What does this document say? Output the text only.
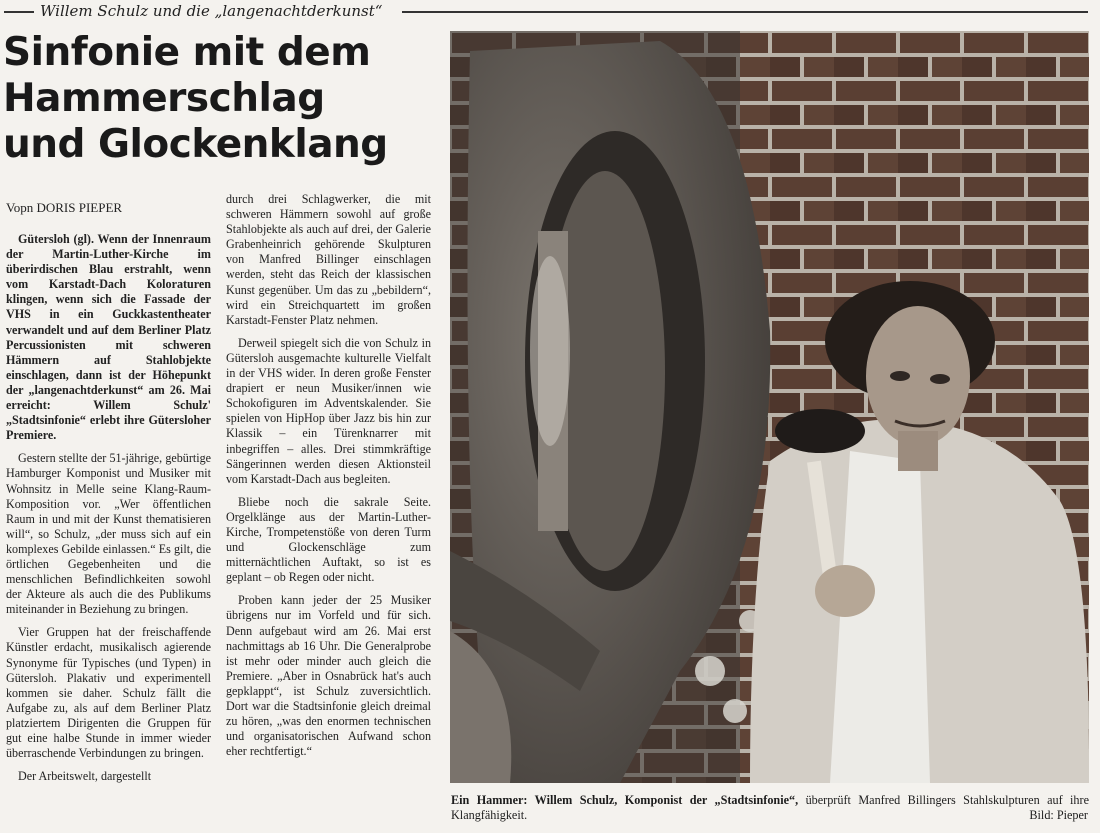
Willem Schulz und die „langenachtderkunst“
Sinfonie mit dem
Hammerschlag
und Glockenklang
Vopn DORIS PIEPER

Gütersloh (gl). Wenn der Innenraum der Martin-Luther-Kirche im überirdischen Blau erstrahlt, wenn vom Karstadt-Dach Koloraturen klingen, wenn sich die Fassade der VHS in ein Guckkastentheater verwandelt und auf dem Berliner Platz Percussionisten mit schweren Hämmern auf Stahlobjekte einschlagen, dann ist der Höhepunkt der „langenachtderkunst“ am 26. Mai erreicht: Willem Schulz' „Stadtsinfonie“ erlebt ihre Gütersloher Premiere.

Gestern stellte der 51-jährige, gebürtige Hamburger Komponist und Musiker mit Wohnsitz in Melle seine Klang-Raum-Komposition vor. „Wer öffentlichen Raum in und mit der Kunst thematisieren will“, so Schulz, „der muss sich auf ein komplexes Gebilde einlassen.“ Es gilt, die örtlichen Gegebenheiten und die menschlichen Befindlichkeiten sowohl der Akteure als auch die des Publikums miteinander in Beziehung zu bringen.

Vier Gruppen hat der freischaffende Künstler erdacht, musikalisch agierende Synonyme für Typisches (und Typen) in Gütersloh. Plakativ und experimentell kommen sie daher. Schulz fällt die Aufgabe zu, als auf dem Berliner Platz platziertem Dirigenten die Gruppen für gut eine halbe Stunde in immer wieder überraschende Verbindungen zu bringen.

Der Arbeitswelt, dargestellt

durch drei Schlagwerker, die mit schweren Hämmern sowohl auf große Stahlobjekte als auch auf drei, der Galerie Grabenheinrich gehörende Skulpturen von Manfred Billinger einschlagen werden, steht das Reich der klassischen Kunst gegenüber. Um das zu „bebildern“, wird ein Streichquartett im großen Karstadt-Fenster Platz nehmen.

Derweil spiegelt sich die von Schulz in Gütersloh ausgemachte kulturelle Vielfalt in der VHS wider. In deren große Fenster drapiert er neun Musiker/innen wie Schokofiguren im Adventskalender. Sie spielen von HipHop über Jazz bis hin zur Klassik – ein Türenknarrer mit inbegriffen – alles. Drei stimmkräftige Sängerinnen werden diesen Aktionsteil vom Karstadt-Dach aus begleiten.

Bliebe noch die sakrale Seite. Orgelklänge aus der Martin-Luther-Kirche, Trompetenstöße von deren Turm und Glockenschläge zum mitternächtlichen Auftakt, so ist es geplant – ob Regen oder nicht.

Proben kann jeder der 25 Musiker übrigens nur im Vorfeld und für sich. Denn aufgebaut wird am 26. Mai erst nachmittags ab 16 Uhr. Die Generalprobe ist mehr oder minder auch gleich die Premiere. „Aber in Osnabrück hat's auch gepklappt“, ist Schulz zuversichtlich. Dort war die Stadtsinfonie gleich dreimal zu hören, „was den enormen technischen und organisatorischen Aufwand schon eher rechtfertigt.“

Ein Hammer: Willem Schulz, Komponist der „Stadtsinfonie“, überprüft Manfred Billingers Stahlskulpturen auf ihre Klangfähigkeit.	Bild: Pieper
